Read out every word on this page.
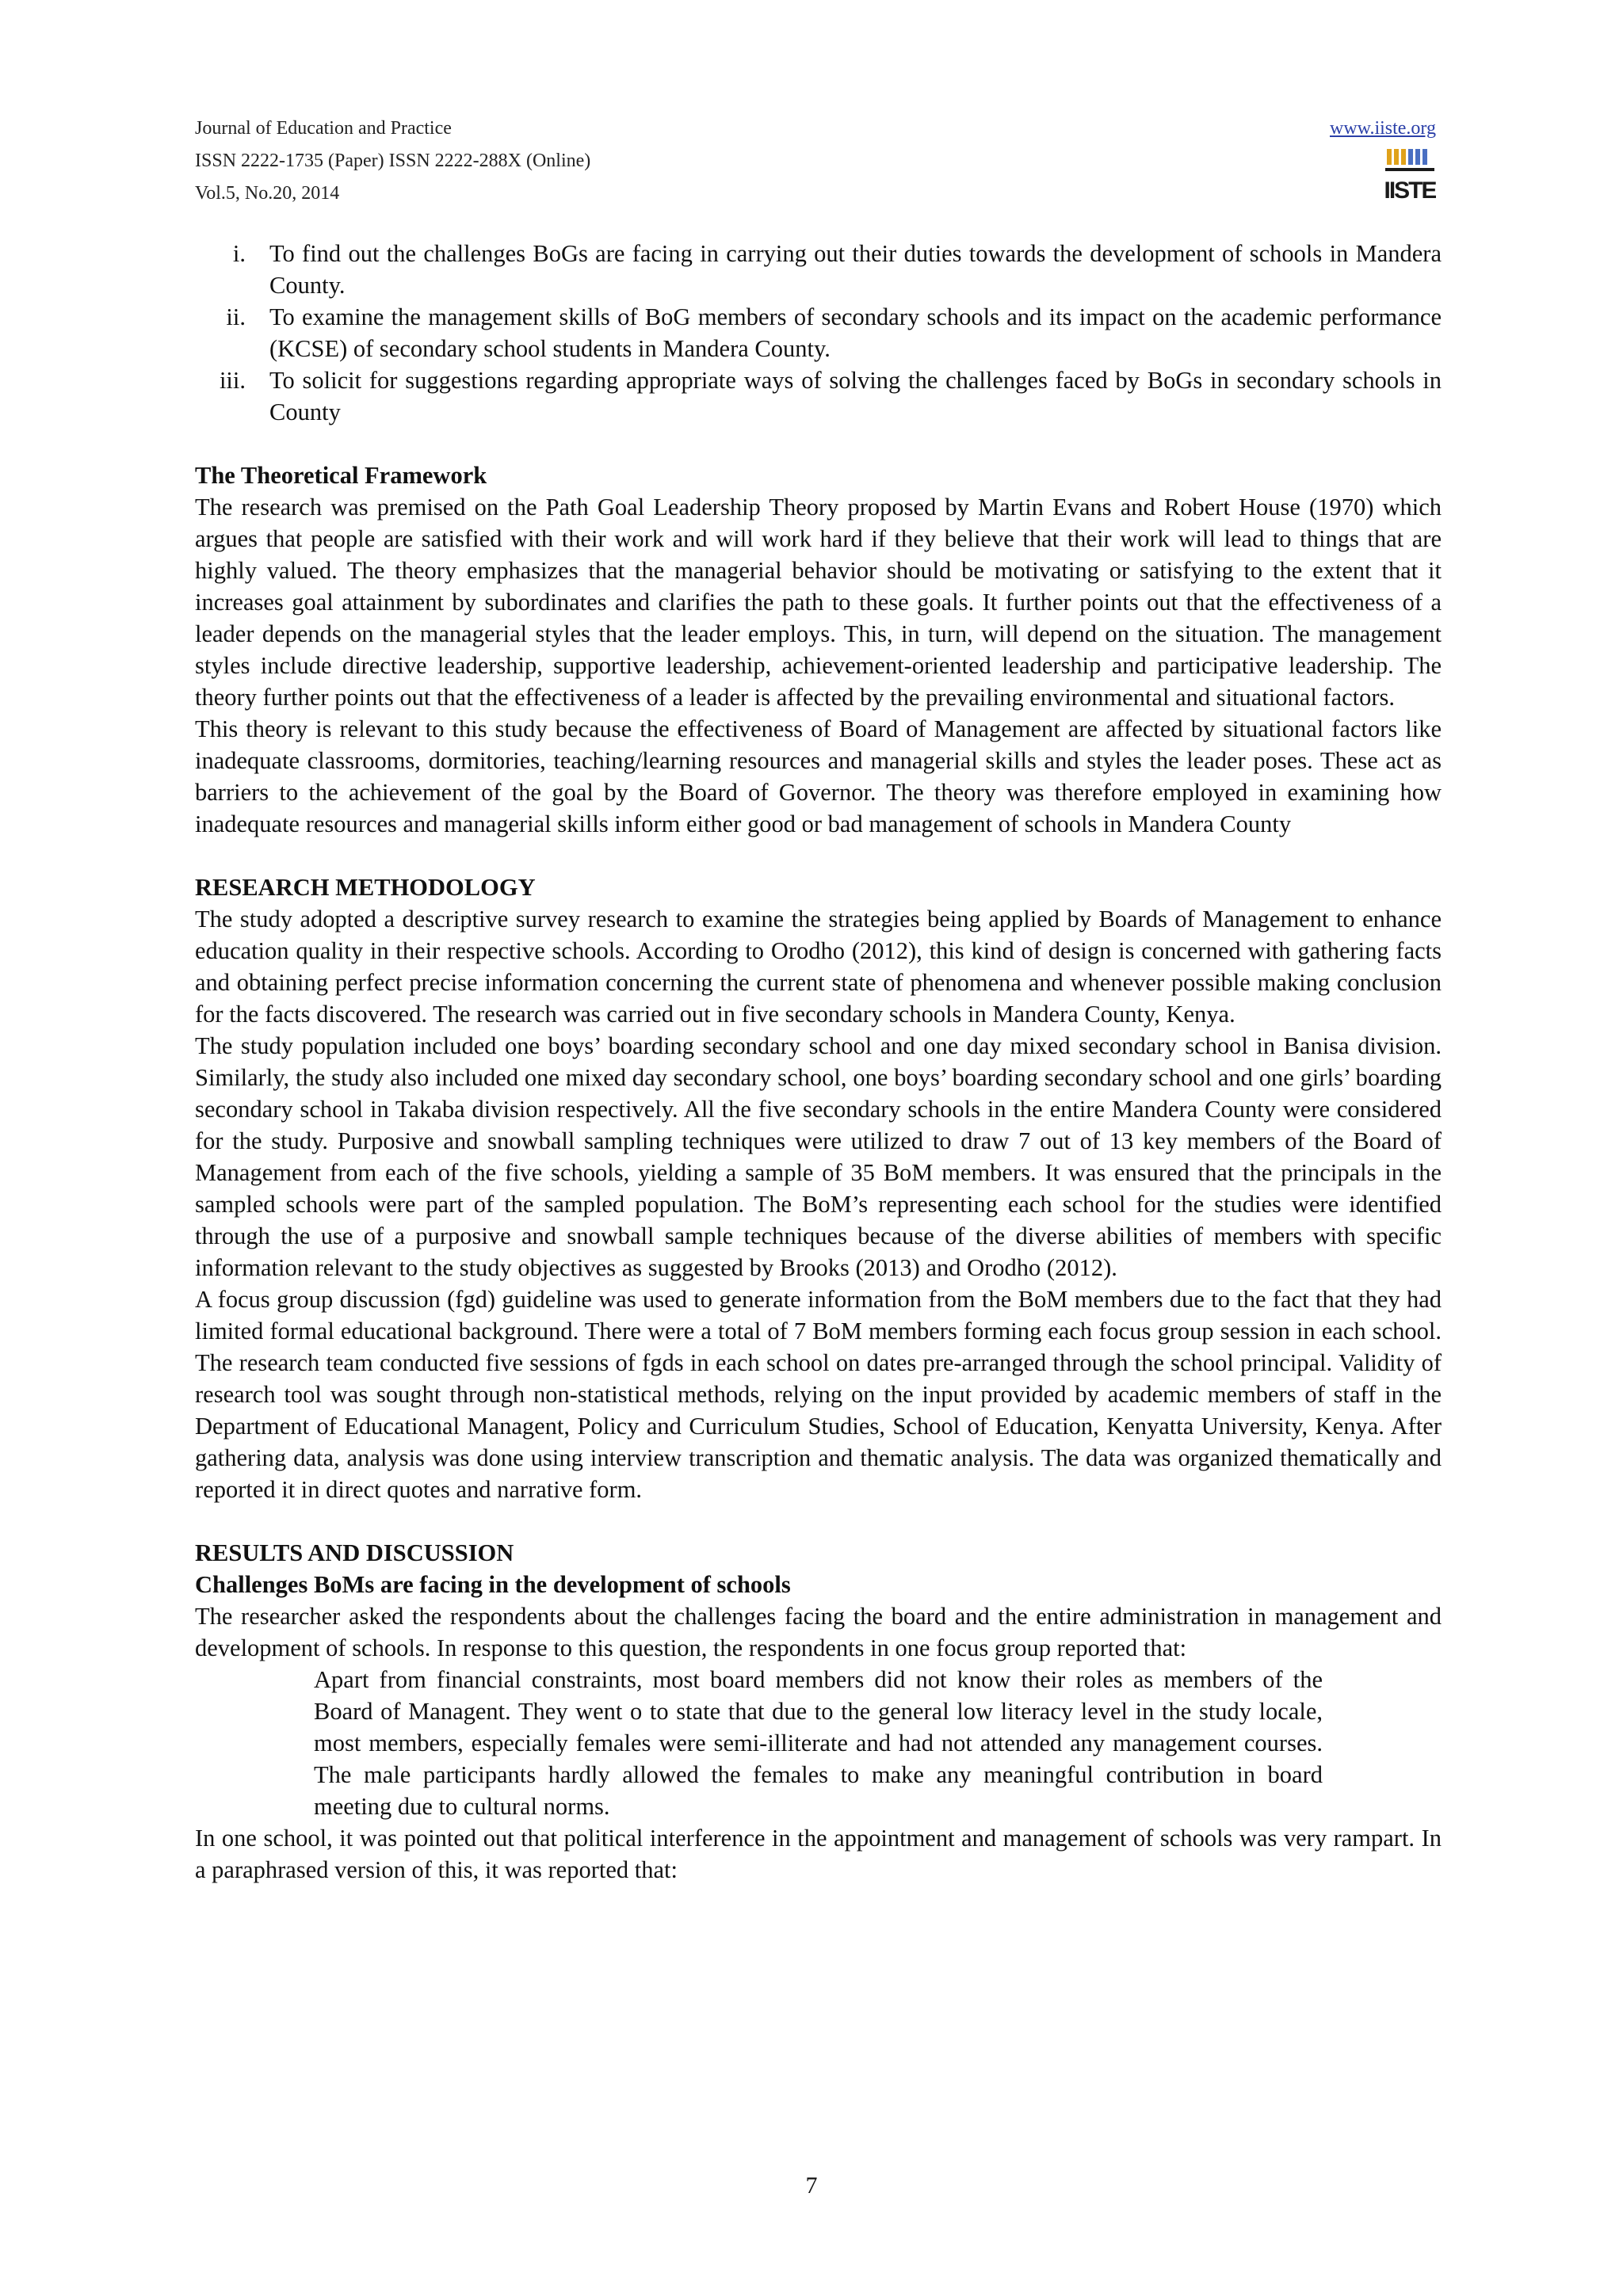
Journal of Education and Practice
ISSN 2222-1735 (Paper) ISSN 2222-288X (Online)
Vol.5, No.20, 2014
www.iiste.org
IISTE
i. To find out the challenges BoGs are facing in carrying out their duties towards the development of schools in Mandera County.
ii. To examine the management skills of BoG members of secondary schools and its impact on the academic performance (KCSE) of secondary school students in Mandera County.
iii. To solicit for suggestions regarding appropriate ways of solving the challenges faced by BoGs in secondary schools in County

The Theoretical Framework

The research was premised on the Path Goal Leadership Theory proposed by Martin Evans and Robert House (1970) which argues that people are satisfied with their work and will work hard if they believe that their work will lead to things that are highly valued. The theory emphasizes that the managerial behavior should be motivating or satisfying to the extent that it increases goal attainment by subordinates and clarifies the path to these goals. It further points out that the effectiveness of a leader depends on the managerial styles that the leader employs. This, in turn, will depend on the situation. The management styles include directive leadership, supportive leadership, achievement-oriented leadership and participative leadership. The theory further points out that the effectiveness of a leader is affected by the prevailing environmental and situational factors.

This theory is relevant to this study because the effectiveness of Board of Management are affected by situational factors like inadequate classrooms, dormitories, teaching/learning resources and managerial skills and styles the leader poses. These act as barriers to the achievement of the goal by the Board of Governor. The theory was therefore employed in examining how inadequate resources and managerial skills inform either good or bad management of schools in Mandera County

RESEARCH METHODOLOGY

The study adopted a descriptive survey research to examine the strategies being applied by Boards of Management to enhance education quality in their respective schools. According to Orodho (2012), this kind of design is concerned with gathering facts and obtaining perfect precise information concerning the current state of phenomena and whenever possible making conclusion for the facts discovered. The research was carried out in five secondary schools in Mandera County, Kenya.

The study population included one boys’ boarding secondary school and one day mixed secondary school in Banisa division. Similarly, the study also included one mixed day secondary school, one boys’ boarding secondary school and one girls’ boarding secondary school in Takaba division respectively. All the five secondary schools in the entire Mandera County were considered for the study. Purposive and snowball sampling techniques were utilized to draw 7 out of 13 key members of the Board of Management from each of the five schools, yielding a sample of 35 BoM members. It was ensured that the principals in the sampled schools were part of the sampled population. The BoM’s representing each school for the studies were identified through the use of a purposive and snowball sample techniques because of the diverse abilities of members with specific information relevant to the study objectives as suggested by Brooks (2013) and Orodho (2012).

A focus group discussion (fgd) guideline was used to generate information from the BoM members due to the fact that they had limited formal educational background. There were a total of 7 BoM members forming each focus group session in each school. The research team conducted five sessions of fgds in each school on dates pre-arranged through the school principal. Validity of research tool was sought through non-statistical methods, relying on the input provided by academic members of staff in the Department of Educational Managent, Policy and Curriculum Studies, School of Education, Kenyatta University, Kenya. After gathering data, analysis was done using interview transcription and thematic analysis. The data was organized thematically and reported it in direct quotes and narrative form.

RESULTS AND DISCUSSION

Challenges BoMs are facing in the development of schools

The researcher asked the respondents about the challenges facing the board and the entire administration in management and development of schools. In response to this question, the respondents in one focus group reported that:

Apart from financial constraints, most board members did not know their roles as members of the Board of Managent. They went o to state that due to the general low literacy level in the study locale, most members, especially females were semi-illiterate and had not attended any management courses. The male participants hardly allowed the females to make any meaningful contribution in board meeting due to cultural norms.

In one school, it was pointed out that political interference in the appointment and management of schools was very rampart. In a paraphrased version of this, it was reported that:

7
